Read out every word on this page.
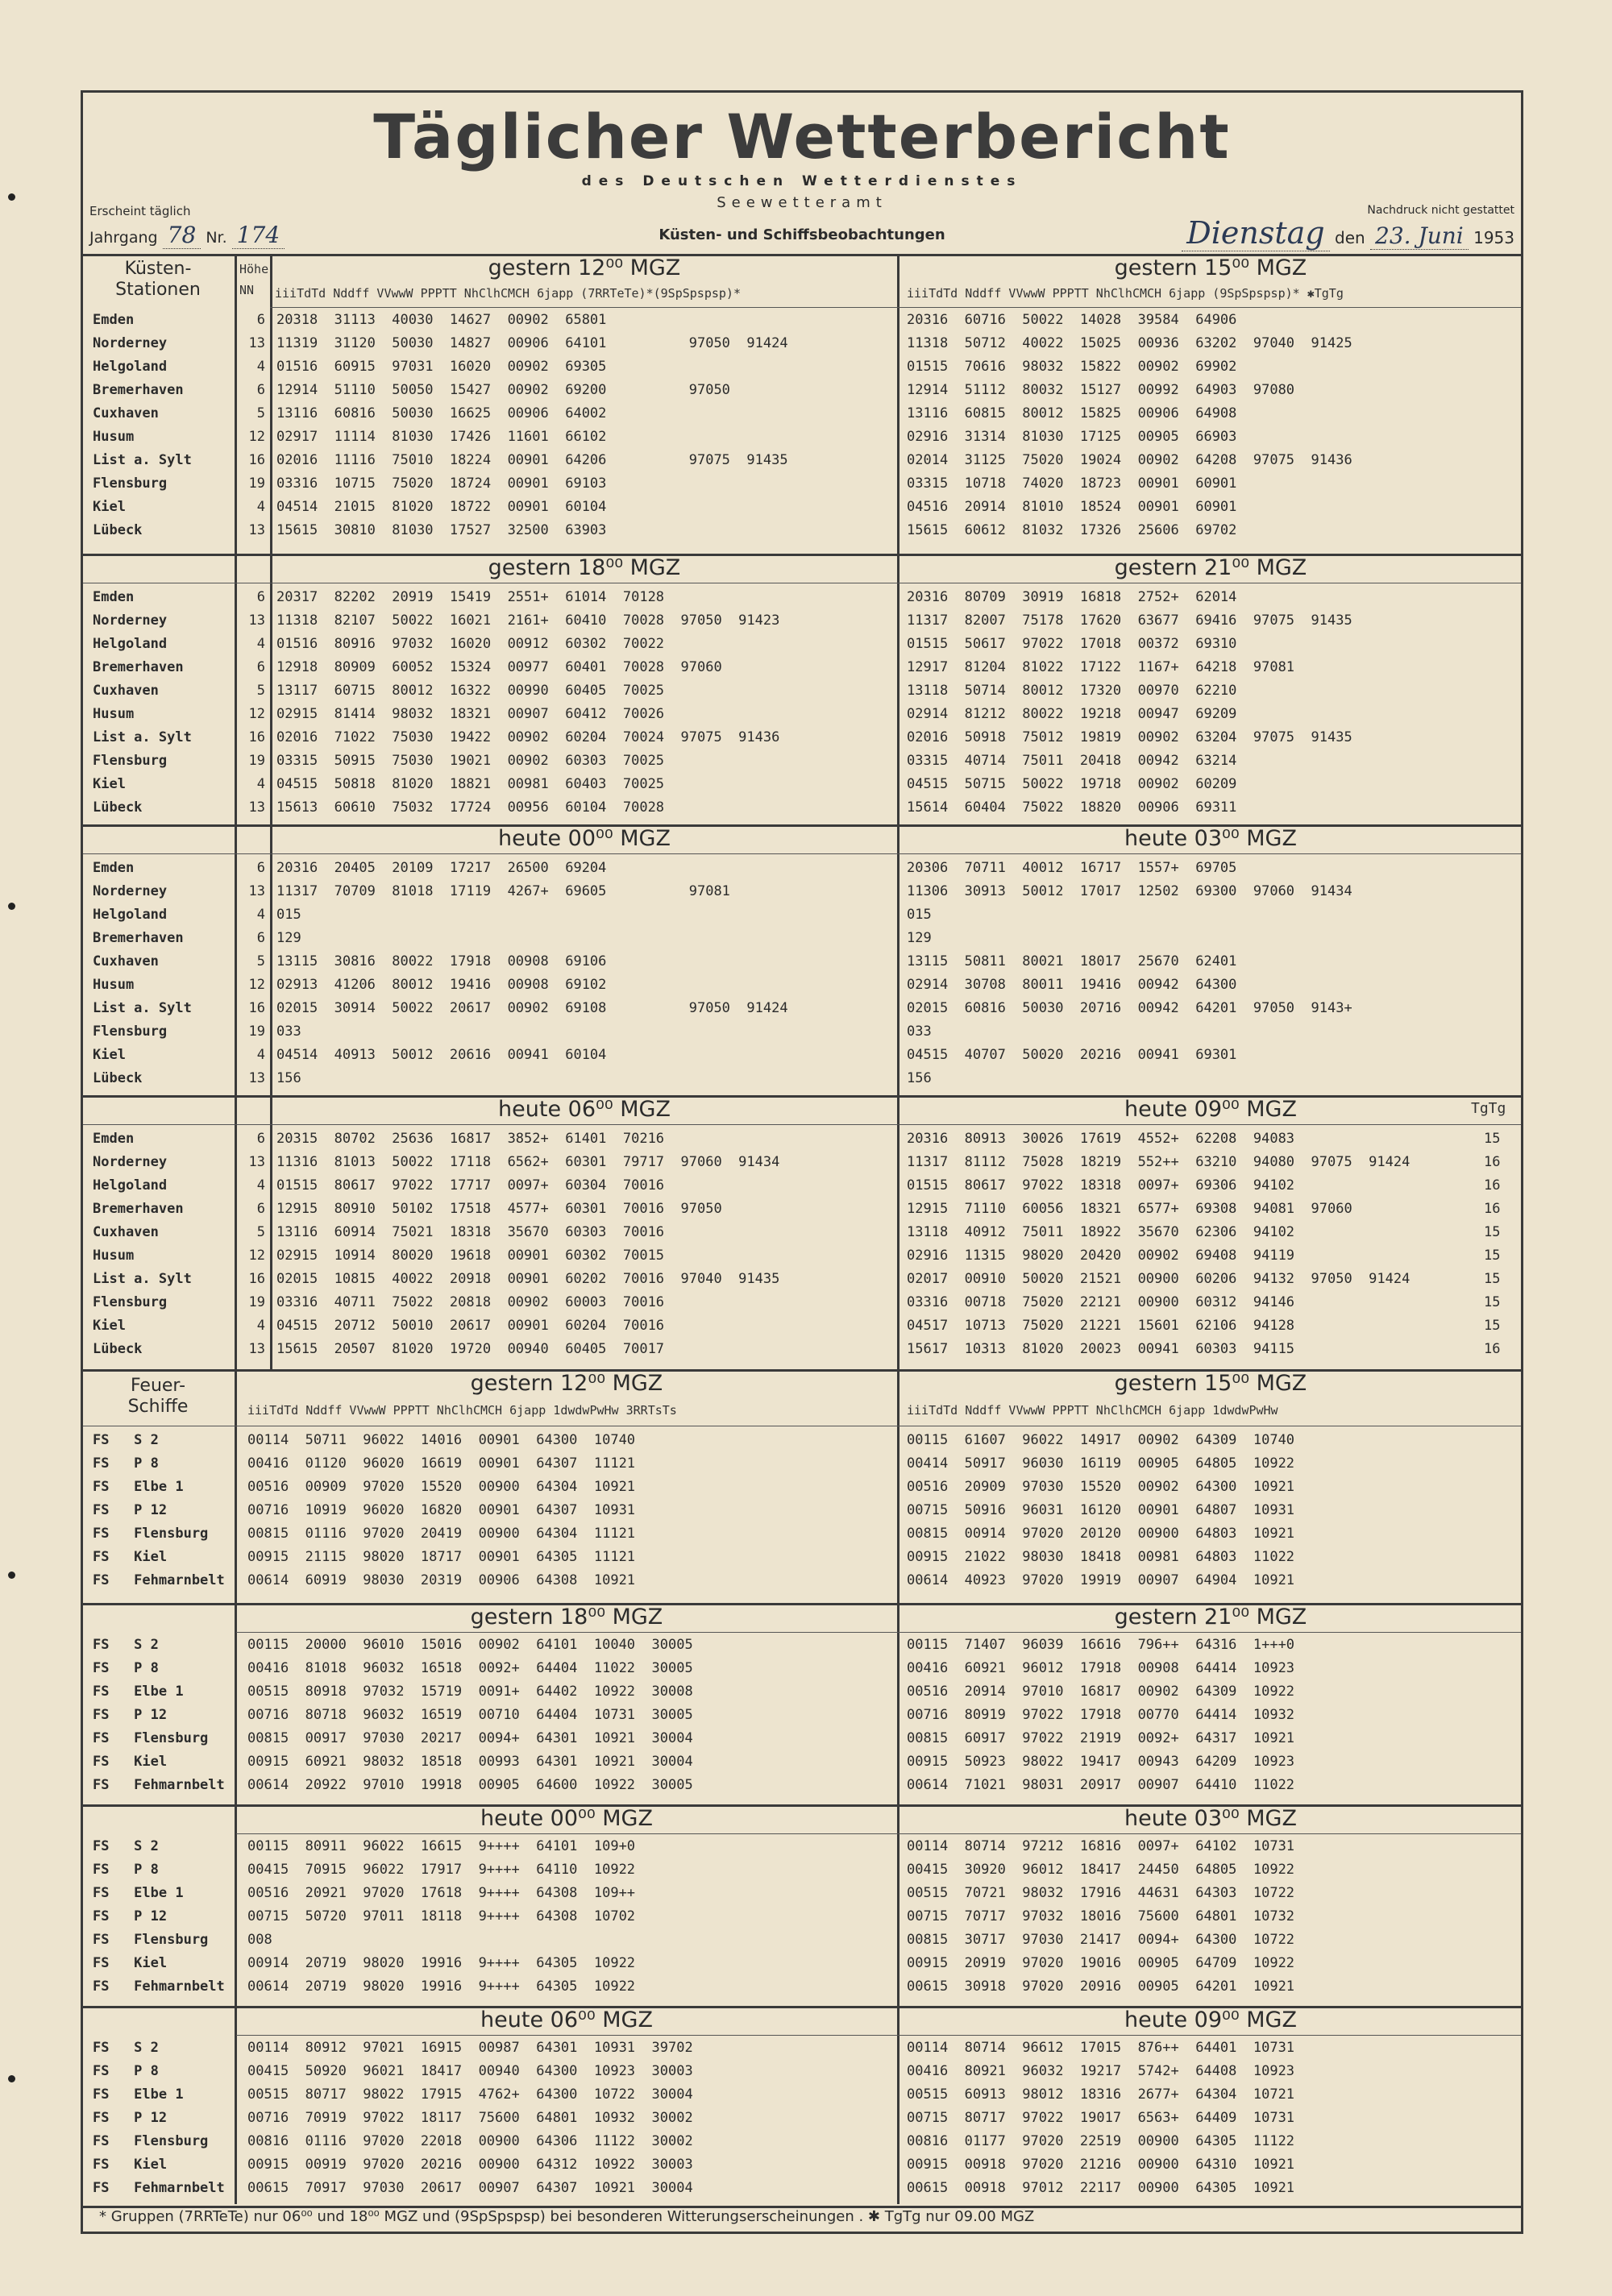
Täglicher Wetterbericht
des Deutschen Wetterdienstes
Seewetteramt
Küsten- und Schiffsbeobachtungen
Erscheint täglich
Jahrgang 78 Nr. 174
Nachdruck nicht gestattet
Dienstag den 23. Juni 1953
gestern 12⁰⁰ MGZ	gestern 15⁰⁰ MGZ
Küsten-
Stationen
Höhe
NN	iiiTdTd Nddff VVwwW PPPTT NhClhCMCH 6japp (7RRTeTe)*(9SpSpspsp)*	iiiTdTd Nddff VVwwW PPPTT NhClhCMCH 6japp (9SpSpspsp)* ✱TgTg
Emden	6 20318  31113  40030  14627  00902  65801	20316  60716  50022  14028  39584  64906
Norderney	13 11319  31120  50030  14827  00906  64101          97050  91424	11318  50712  40022  15025  00936  63202  97040  91425
Helgoland	4 01516  60915  97031  16020  00902  69305	01515  70616  98032  15822  00902  69902
Bremerhaven	6 12914  51110  50050  15427  00902  69200          97050	12914  51112  80032  15127  00992  64903  97080
Cuxhaven	5 13116  60816  50030  16625  00906  64002	13116  60815  80012  15825  00906  64908
Husum	12 02917  11114  81030  17426  11601  66102	02916  31314  81030  17125  00905  66903
List a. Sylt	16 02016  11116  75010  18224  00901  64206          97075  91435	02014  31125  75020  19024  00902  64208  97075  91436
Flensburg	19 03316  10715  75020  18724  00901  69103	03315  10718  74020  18723  00901  60901
Kiel	4 04514  21015  81020  18722  00901  60104	04516  20914  81010  18524  00901  60901
Lübeck	13 15615  30810  81030  17527  32500  63903	15615  60612  81032  17326  25606  69702
gestern 18⁰⁰ MGZ	gestern 21⁰⁰ MGZ
Emden	6 20317  82202  20919  15419  2551+  61014  70128	20316  80709  30919  16818  2752+  62014
Norderney	13 11318  82107  50022  16021  2161+  60410  70028  97050  91423	11317  82007  75178  17620  63677  69416  97075  91435
Helgoland	4 01516  80916  97032  16020  00912  60302  70022	01515  50617  97022  17018  00372  69310
Bremerhaven	6 12918  80909  60052  15324  00977  60401  70028  97060	12917  81204  81022  17122  1167+  64218  97081
Cuxhaven	5 13117  60715  80012  16322  00990  60405  70025	13118  50714  80012  17320  00970  62210
Husum	12 02915  81414  98032  18321  00907  60412  70026	02914  81212  80022  19218  00947  69209
List a. Sylt	16 02016  71022  75030  19422  00902  60204  70024  97075  91436	02016  50918  75012  19819  00902  63204  97075  91435
Flensburg	19 03315  50915  75030  19021  00902  60303  70025	03315  40714  75011  20418  00942  63214
Kiel	4 04515  50818  81020  18821  00981  60403  70025	04515  50715  50022  19718  00902  60209
Lübeck	13 15613  60610  75032  17724  00956  60104  70028	15614  60404  75022  18820  00906  69311
heute 00⁰⁰ MGZ	heute 03⁰⁰ MGZ
Emden	6 20316  20405  20109  17217  26500  69204	20306  70711  40012  16717  1557+  69705
Norderney	13 11317  70709  81018  17119  4267+  69605          97081	11306  30913  50012  17017  12502  69300  97060  91434
Helgoland	4 015	015
Bremerhaven	6 129	129
Cuxhaven	5 13115  30816  80022  17918  00908  69106	13115  50811  80021  18017  25670  62401
Husum	12 02913  41206  80012  19416  00908  69102	02914  30708  80011  19416  00942  64300
List a. Sylt	16 02015  30914  50022  20617  00902  69108          97050  91424	02015  60816  50030  20716  00942  64201  97050  9143+
Flensburg	19 033	033
Kiel	4 04514  40913  50012  20616  00941  60104	04515  40707  50020  20216  00941  69301
Lübeck	13 156	156
heute 06⁰⁰ MGZ	heute 09⁰⁰ MGZ	TgTg
Emden	6 20315  80702  25636  16817  3852+  61401  70216	20316  80913  30026  17619  4552+  62208  94083	15
Norderney	13 11316  81013  50022  17118  6562+  60301  79717  97060  91434	11317  81112  75028  18219  552++  63210  94080  97075  91424	16
Helgoland	4 01515  80617  97022  17717  0097+  60304  70016	01515  80617  97022  18318  0097+  69306  94102	16
Bremerhaven	6 12915  80910  50102  17518  4577+  60301  70016  97050	12915  71110  60056  18321  6577+  69308  94081  97060	16
Cuxhaven	5 13116  60914  75021  18318  35670  60303  70016	13118  40912  75011  18922  35670  62306  94102	15
Husum	12 02915  10914  80020  19618  00901  60302  70015	02916  11315  98020  20420  00902  69408  94119	15
List a. Sylt	16 02015  10815  40022  20918  00901  60202  70016  97040  91435	02017  00910  50020  21521  00900  60206  94132  97050  91424	15
Flensburg	19 03316  40711  75022  20818  00902  60003  70016	03316  00718  75020  22121  00900  60312  94146	15
Kiel	4 04515  20712  50010  20617  00901  60204  70016	04517  10713  75020  21221  15601  62106  94128	15
Lübeck	13 15615  20507  81020  19720  00940  60405  70017	15617  10313  81020  20023  00941  60303  94115	16
gestern 12⁰⁰ MGZ	gestern 15⁰⁰ MGZ
Feuer-
Schiffe	iiiTdTd Nddff VVwwW PPPTT NhClhCMCH 6japp 1dwdwPwHw 3RRTsTs	iiiTdTd Nddff VVwwW PPPTT NhClhCMCH 6japp 1dwdwPwHw
FS   S 2	00114  50711  96022  14016  00901  64300  10740	00115  61607  96022  14917  00902  64309  10740
FS   P 8	00416  01120  96020  16619  00901  64307  11121	00414  50917  96030  16119  00905  64805  10922
FS   Elbe 1	00516  00909  97020  15520  00900  64304  10921	00516  20909  97030  15520  00902  64300  10921
FS   P 12	00716  10919  96020  16820  00901  64307  10931	00715  50916  96031  16120  00901  64807  10931
FS   Flensburg	00815  01116  97020  20419  00900  64304  11121	00815  00914  97020  20120  00900  64803  10921
FS   Kiel	00915  21115  98020  18717  00901  64305  11121	00915  21022  98030  18418  00981  64803  11022
FS   Fehmarnbelt 00614  60919  98030  20319  00906  64308  10921	00614  40923  97020  19919  00907  64904  10921
gestern 18⁰⁰ MGZ	gestern 21⁰⁰ MGZ
FS   S 2	00115  20000  96010  15016  00902  64101  10040  30005	00115  71407  96039  16616  796++  64316  1+++0
FS   P 8	00416  81018  96032  16518  0092+  64404  11022  30005	00416  60921  96012  17918  00908  64414  10923
FS   Elbe 1	00515  80918  97032  15719  0091+  64402  10922  30008	00516  20914  97010  16817  00902  64309  10922
FS   P 12	00716  80718  96032  16519  00710  64404  10731  30005	00716  80919  97022  17918  00770  64414  10932
FS   Flensburg	00815  00917  97030  20217  0094+  64301  10921  30004	00815  60917  97022  21919  0092+  64317  10921
FS   Kiel	00915  60921  98032  18518  00993  64301  10921  30004	00915  50923  98022  19417  00943  64209  10923
FS   Fehmarnbelt 00614  20922  97010  19918  00905  64600  10922  30005	00614  71021  98031  20917  00907  64410  11022
heute 00⁰⁰ MGZ	heute 03⁰⁰ MGZ
FS   S 2	00115  80911  96022  16615  9++++  64101  109+0	00114  80714  97212  16816  0097+  64102  10731
FS   P 8	00415  70915  96022  17917  9++++  64110  10922	00415  30920  96012  18417  24450  64805  10922
FS   Elbe 1	00516  20921  97020  17618  9++++  64308  109++	00515  70721  98032  17916  44631  64303  10722
FS   P 12	00715  50720  97011  18118  9++++  64308  10702	00715  70717  97032  18016  75600  64801  10732
FS   Flensburg	008	00815  30717  97030  21417  0094+  64300  10722
FS   Kiel	00914  20719  98020  19916  9++++  64305  10922	00915  20919  97020  19016  00905  64709  10922
FS   Fehmarnbelt 00614  20719  98020  19916  9++++  64305  10922	00615  30918  97020  20916  00905  64201  10921
heute 06⁰⁰ MGZ	heute 09⁰⁰ MGZ
FS   S 2	00114  80912  97021  16915  00987  64301  10931  39702	00114  80714  96612  17015  876++  64401  10731
FS   P 8	00415  50920  96021  18417  00940  64300  10923  30003	00416  80921  96032  19217  5742+  64408  10923
FS   Elbe 1	00515  80717  98022  17915  4762+  64300  10722  30004	00515  60913  98012  18316  2677+  64304  10721
FS   P 12	00716  70919  97022  18117  75600  64801  10932  30002	00715  80717  97022  19017  6563+  64409  10731
FS   Flensburg	00816  01116  97020  22018  00900  64306  11122  30002	00816  01177  97020  22519  00900  64305  11122
FS   Kiel	00915  00919  97020  20216  00900  64312  10922  30003	00915  00918  97020  21216  00900  64310  10921
FS   Fehmarnbelt 00615  70917  97030  20617  00907  64307  10921  30004	00615  00918  97012  22117  00900  64305  10921
* Gruppen (7RRTeTe) nur 06⁰⁰ und 18⁰⁰ MGZ und (9SpSpspsp) bei besonderen Witterungserscheinungen . ✱ TgTg nur 09.00 MGZ
